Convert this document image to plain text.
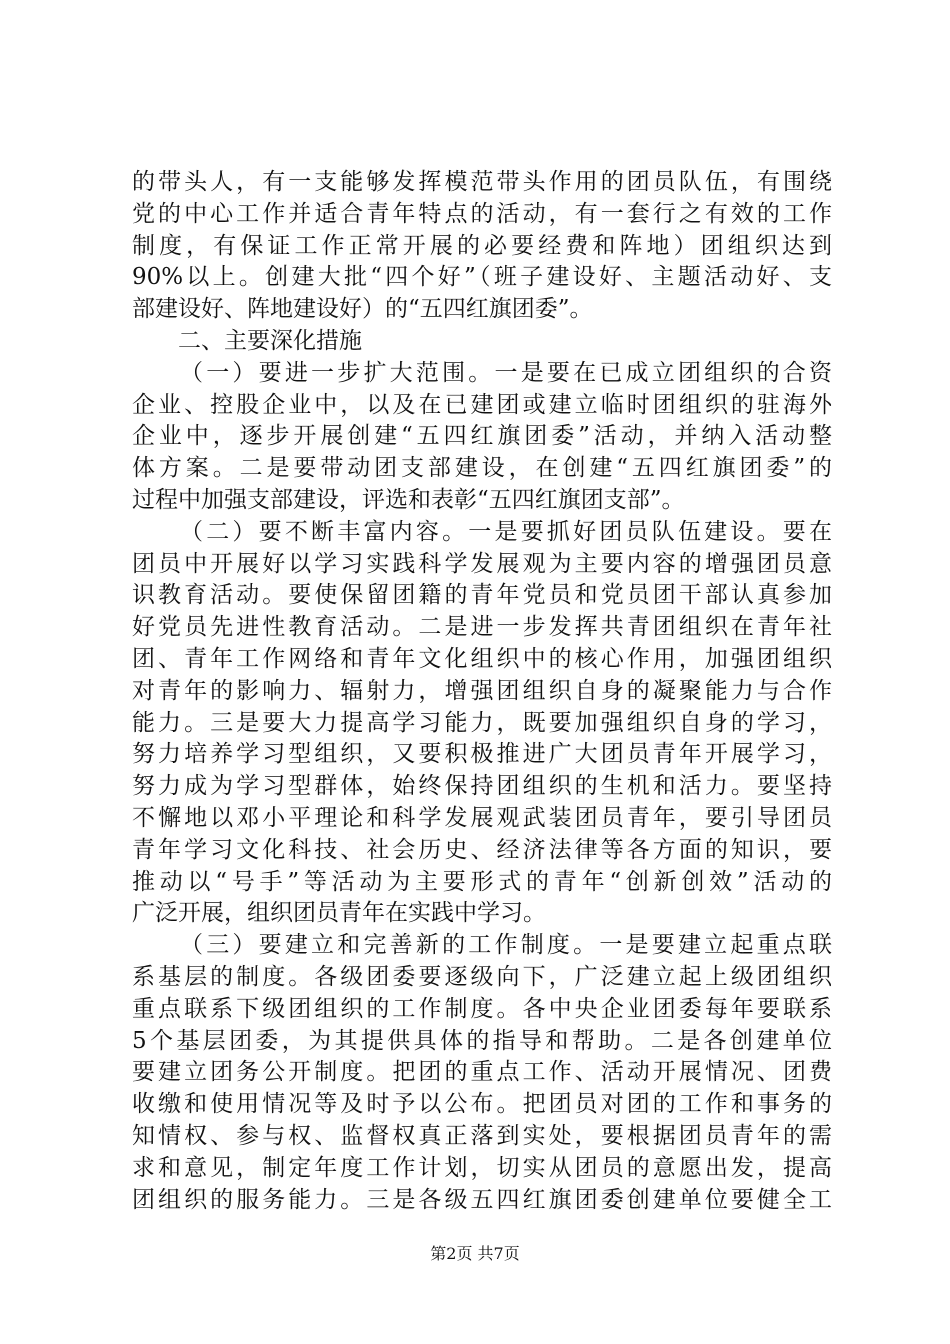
的带头人，有一支能够发挥模范带头作用的团员队伍，有围绕
党的中心工作并适合青年特点的活动，有一套行之有效的工作
制度，有保证工作正常开展的必要经费和阵地）团组织达到
90%以上。创建大批“四个好”（班子建设好、主题活动好、支
部建设好、阵地建设好）的“五四红旗团委”。
二、主要深化措施
（一）要进一步扩大范围。一是要在已成立团组织的合资
企业、控股企业中，以及在已建团或建立临时团组织的驻海外
企业中，逐步开展创建“五四红旗团委”活动，并纳入活动整
体方案。二是要带动团支部建设，在创建“五四红旗团委”的
过程中加强支部建设，评选和表彰“五四红旗团支部”。
（二）要不断丰富内容。一是要抓好团员队伍建设。要在
团员中开展好以学习实践科学发展观为主要内容的增强团员意
识教育活动。要使保留团籍的青年党员和党员团干部认真参加
好党员先进性教育活动。二是进一步发挥共青团组织在青年社
团、青年工作网络和青年文化组织中的核心作用，加强团组织
对青年的影响力、辐射力，增强团组织自身的凝聚能力与合作
能力。三是要大力提高学习能力，既要加强组织自身的学习，
努力培养学习型组织，又要积极推进广大团员青年开展学习，
努力成为学习型群体，始终保持团组织的生机和活力。要坚持
不懈地以邓小平理论和科学发展观武装团员青年，要引导团员
青年学习文化科技、社会历史、经济法律等各方面的知识，要
推动以“号手”等活动为主要形式的青年“创新创效”活动的
广泛开展，组织团员青年在实践中学习。
（三）要建立和完善新的工作制度。一是要建立起重点联
系基层的制度。各级团委要逐级向下，广泛建立起上级团组织
重点联系下级团组织的工作制度。各中央企业团委每年要联系
5个基层团委，为其提供具体的指导和帮助。二是各创建单位
要建立团务公开制度。把团的重点工作、活动开展情况、团费
收缴和使用情况等及时予以公布。把团员对团的工作和事务的
知情权、参与权、监督权真正落到实处，要根据团员青年的需
求和意见，制定年度工作计划，切实从团员的意愿出发，提高
团组织的服务能力。三是各级五四红旗团委创建单位要健全工
第2页 共7页
